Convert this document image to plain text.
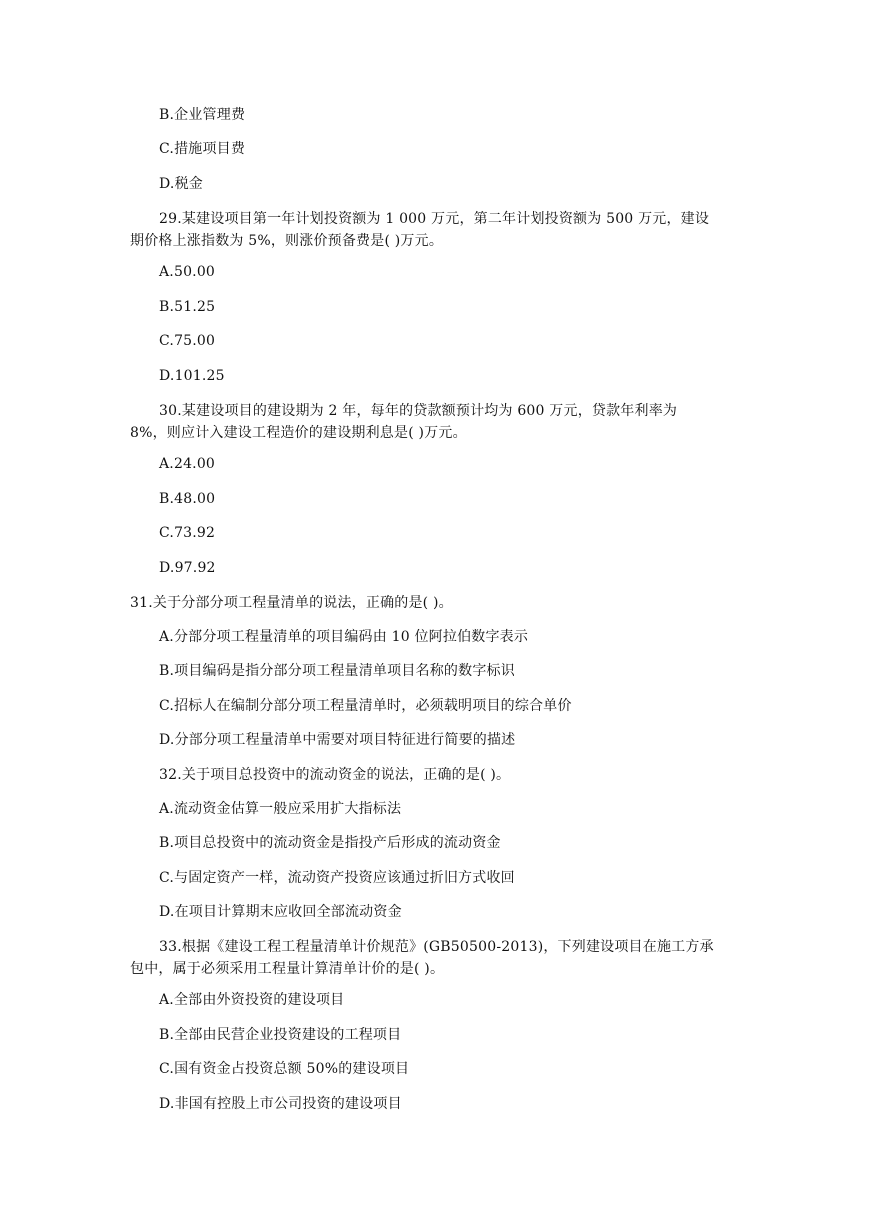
B.企业管理费
C.措施项目费
D.税金
29.某建设项目第一年计划投资额为 1 000 万元，第二年计划投资额为 500 万元，建设
期价格上涨指数为 5%，则涨价预备费是( )万元。
A.50.00
B.51.25
C.75.00
D.101.25
30.某建设项目的建设期为 2 年，每年的贷款额预计均为 600 万元，贷款年利率为
8%，则应计入建设工程造价的建设期利息是( )万元。
A.24.00
B.48.00
C.73.92
D.97.92
31.关于分部分项工程量清单的说法，正确的是( )。
A.分部分项工程量清单的项目编码由 10 位阿拉伯数字表示
B.项目编码是指分部分项工程量清单项目名称的数字标识
C.招标人在编制分部分项工程量清单时，必须载明项目的综合单价
D.分部分项工程量清单中需要对项目特征进行简要的描述
32.关于项目总投资中的流动资金的说法，正确的是( )。
A.流动资金估算一般应采用扩大指标法
B.项目总投资中的流动资金是指投产后形成的流动资金
C.与固定资产一样，流动资产投资应该通过折旧方式收回
D.在项目计算期末应收回全部流动资金
33.根据《建设工程工程量清单计价规范》(GB50500-2013)，下列建设项目在施工方承
包中，属于必须采用工程量计算清单计价的是( )。
A.全部由外资投资的建设项目
B.全部由民营企业投资建设的工程项目
C.国有资金占投资总额 50%的建设项目
D.非国有控股上市公司投资的建设项目
